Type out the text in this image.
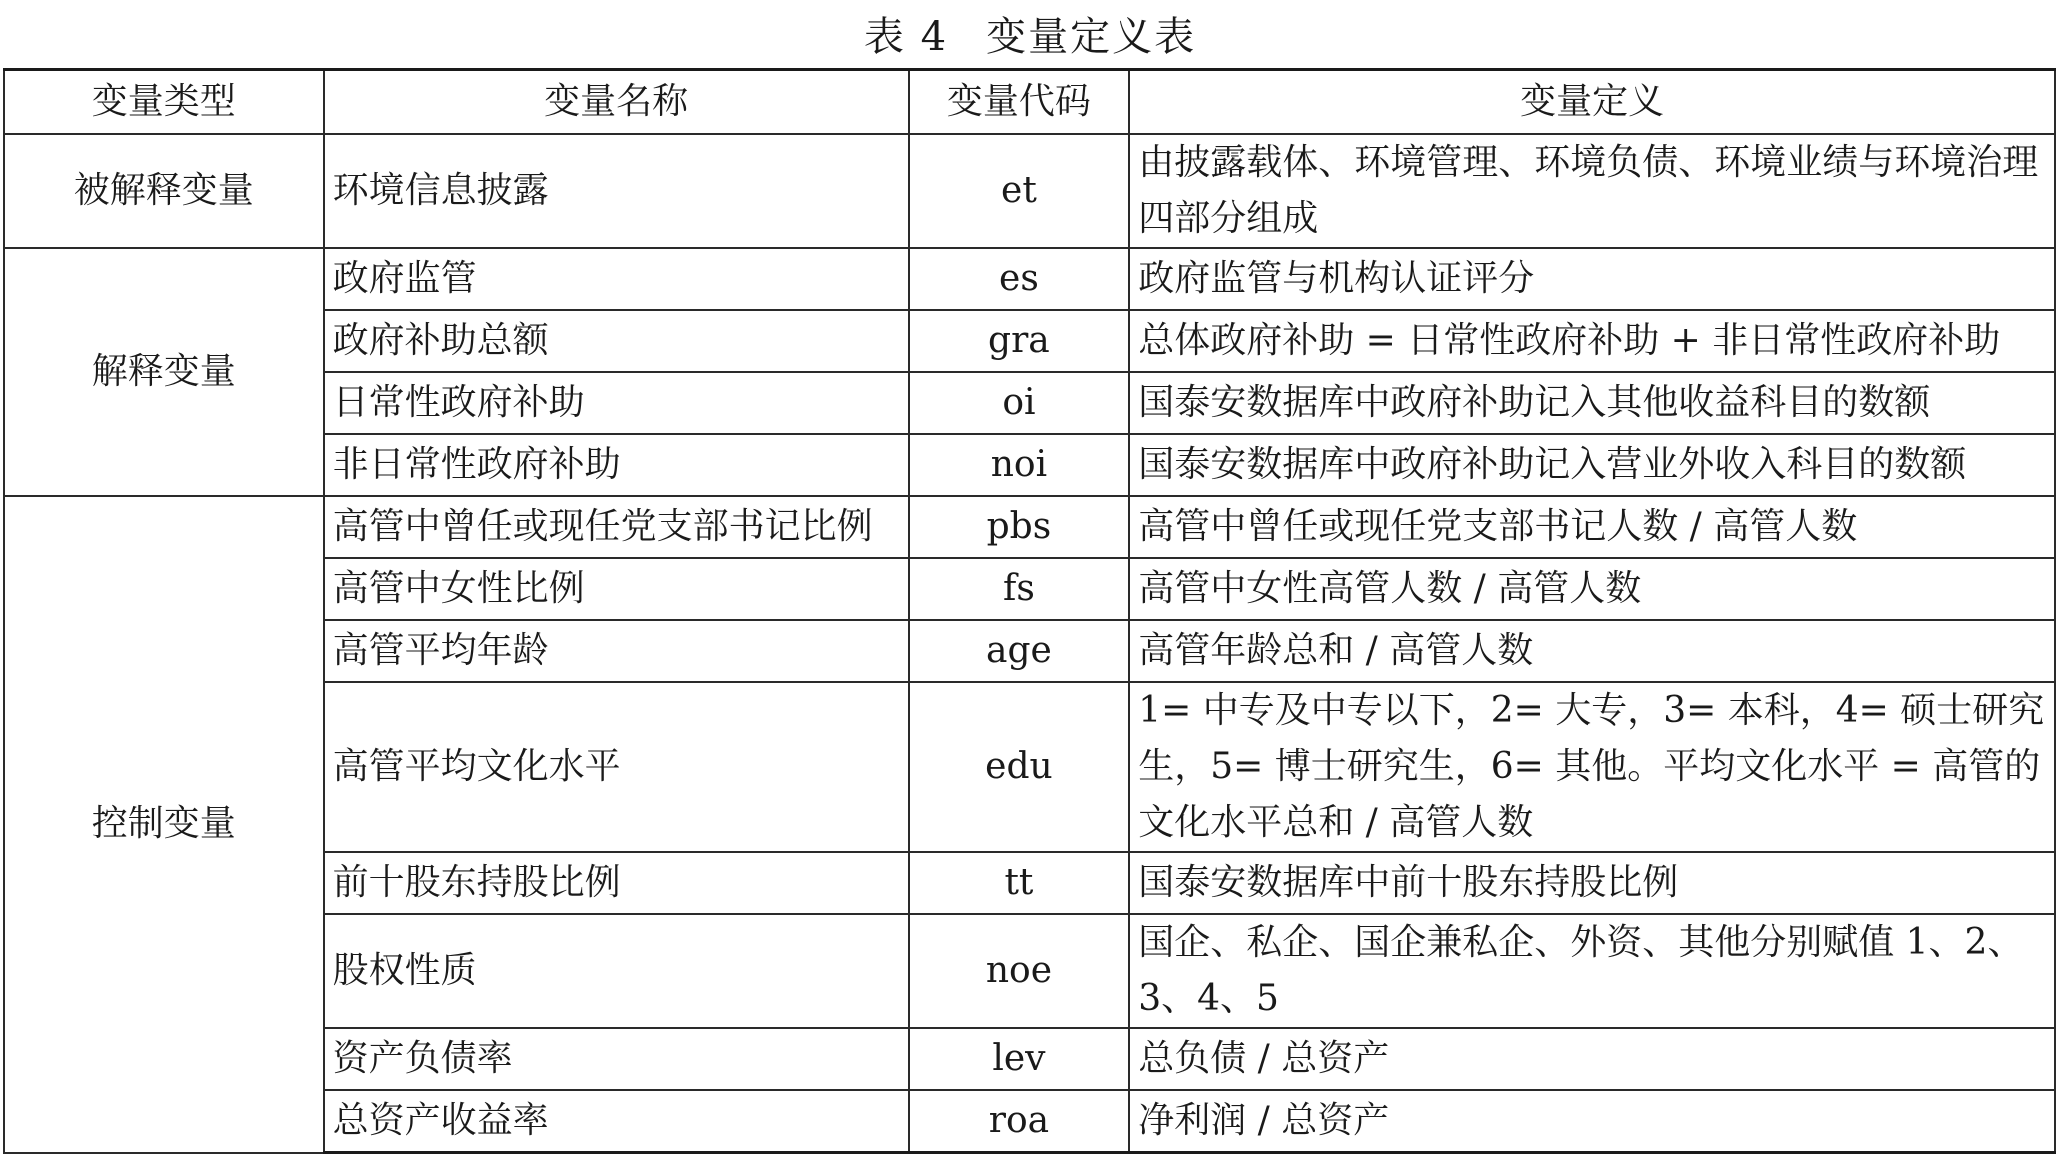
表 4 变量定义表
变量类型	变量名称	变量代码	变量定义
被解释变量	环境信息披露	et	由披露载体、环境管理、环境负债、环境业绩与环境治理四部分组成
解释变量	政府监管	es	政府监管与机构认证评分
	政府补助总额	gra	总体政府补助 = 日常性政府补助 + 非日常性政府补助
	日常性政府补助	oi	国泰安数据库中政府补助记入其他收益科目的数额
	非日常性政府补助	noi	国泰安数据库中政府补助记入营业外收入科目的数额
控制变量	高管中曾任或现任党支部书记比例	pbs	高管中曾任或现任党支部书记人数 / 高管人数
	高管中女性比例	fs	高管中女性高管人数 / 高管人数
	高管平均年龄	age	高管年龄总和 / 高管人数
	高管平均文化水平	edu	1= 中专及中专以下，2= 大专，3= 本科，4= 硕士研究生，5= 博士研究生，6= 其他。平均文化水平 = 高管的文化水平总和 / 高管人数
	前十股东持股比例	tt	国泰安数据库中前十股东持股比例
	股权性质	noe	国企、私企、国企兼私企、外资、其他分别赋值 1、2、3、4、5
	资产负债率	lev	总负债 / 总资产
	总资产收益率	roa	净利润 / 总资产
